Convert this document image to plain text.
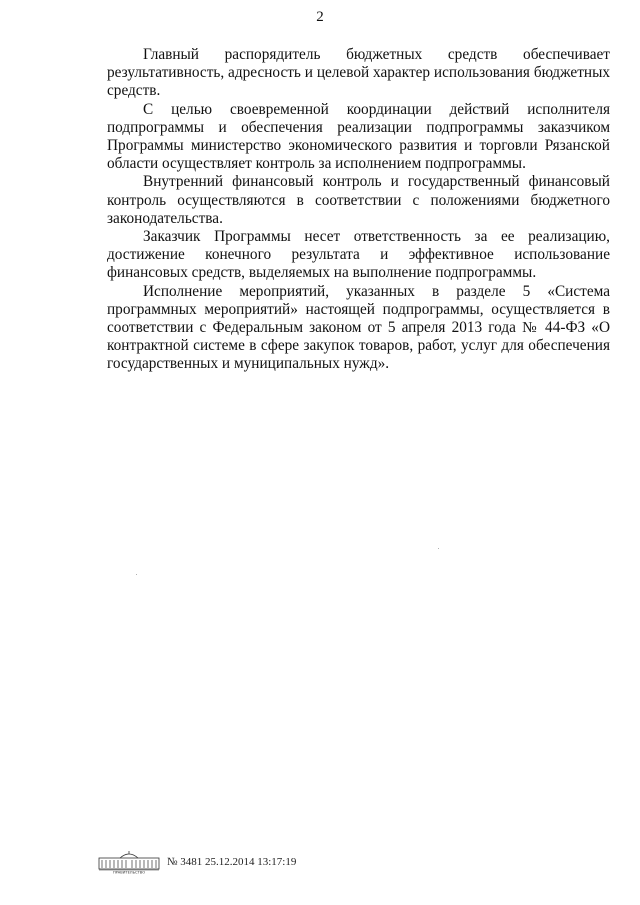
2

Главный распорядитель бюджетных средств обеспечивает результативность, адресность и целевой характер использования бюджетных средств.

С целью своевременной координации действий исполнителя подпрограммы и обеспечения реализации подпрограммы заказчиком Программы министерство экономического развития и торговли Рязанской области осуществляет контроль за исполнением подпрограммы.

Внутренний финансовый контроль и государственный финансовый контроль осуществляются в соответствии с положениями бюджетного законодательства.

Заказчик Программы несет ответственность за ее реализацию, достижение конечного результата и эффективное использование финансовых средств, выделяемых на выполнение подпрограммы.

Исполнение мероприятий, указанных в разделе 5 «Система программных мероприятий» настоящей подпрограммы, осуществляется в соответствии с Федеральным законом от 5 апреля 2013 года № 44-ФЗ «О контрактной системе в сфере закупок товаров, работ, услуг для обеспечения государственных и муниципальных нужд».

ПРАВИТЕЛЬСТВО
№ 3481 25.12.2014 13:17:19
